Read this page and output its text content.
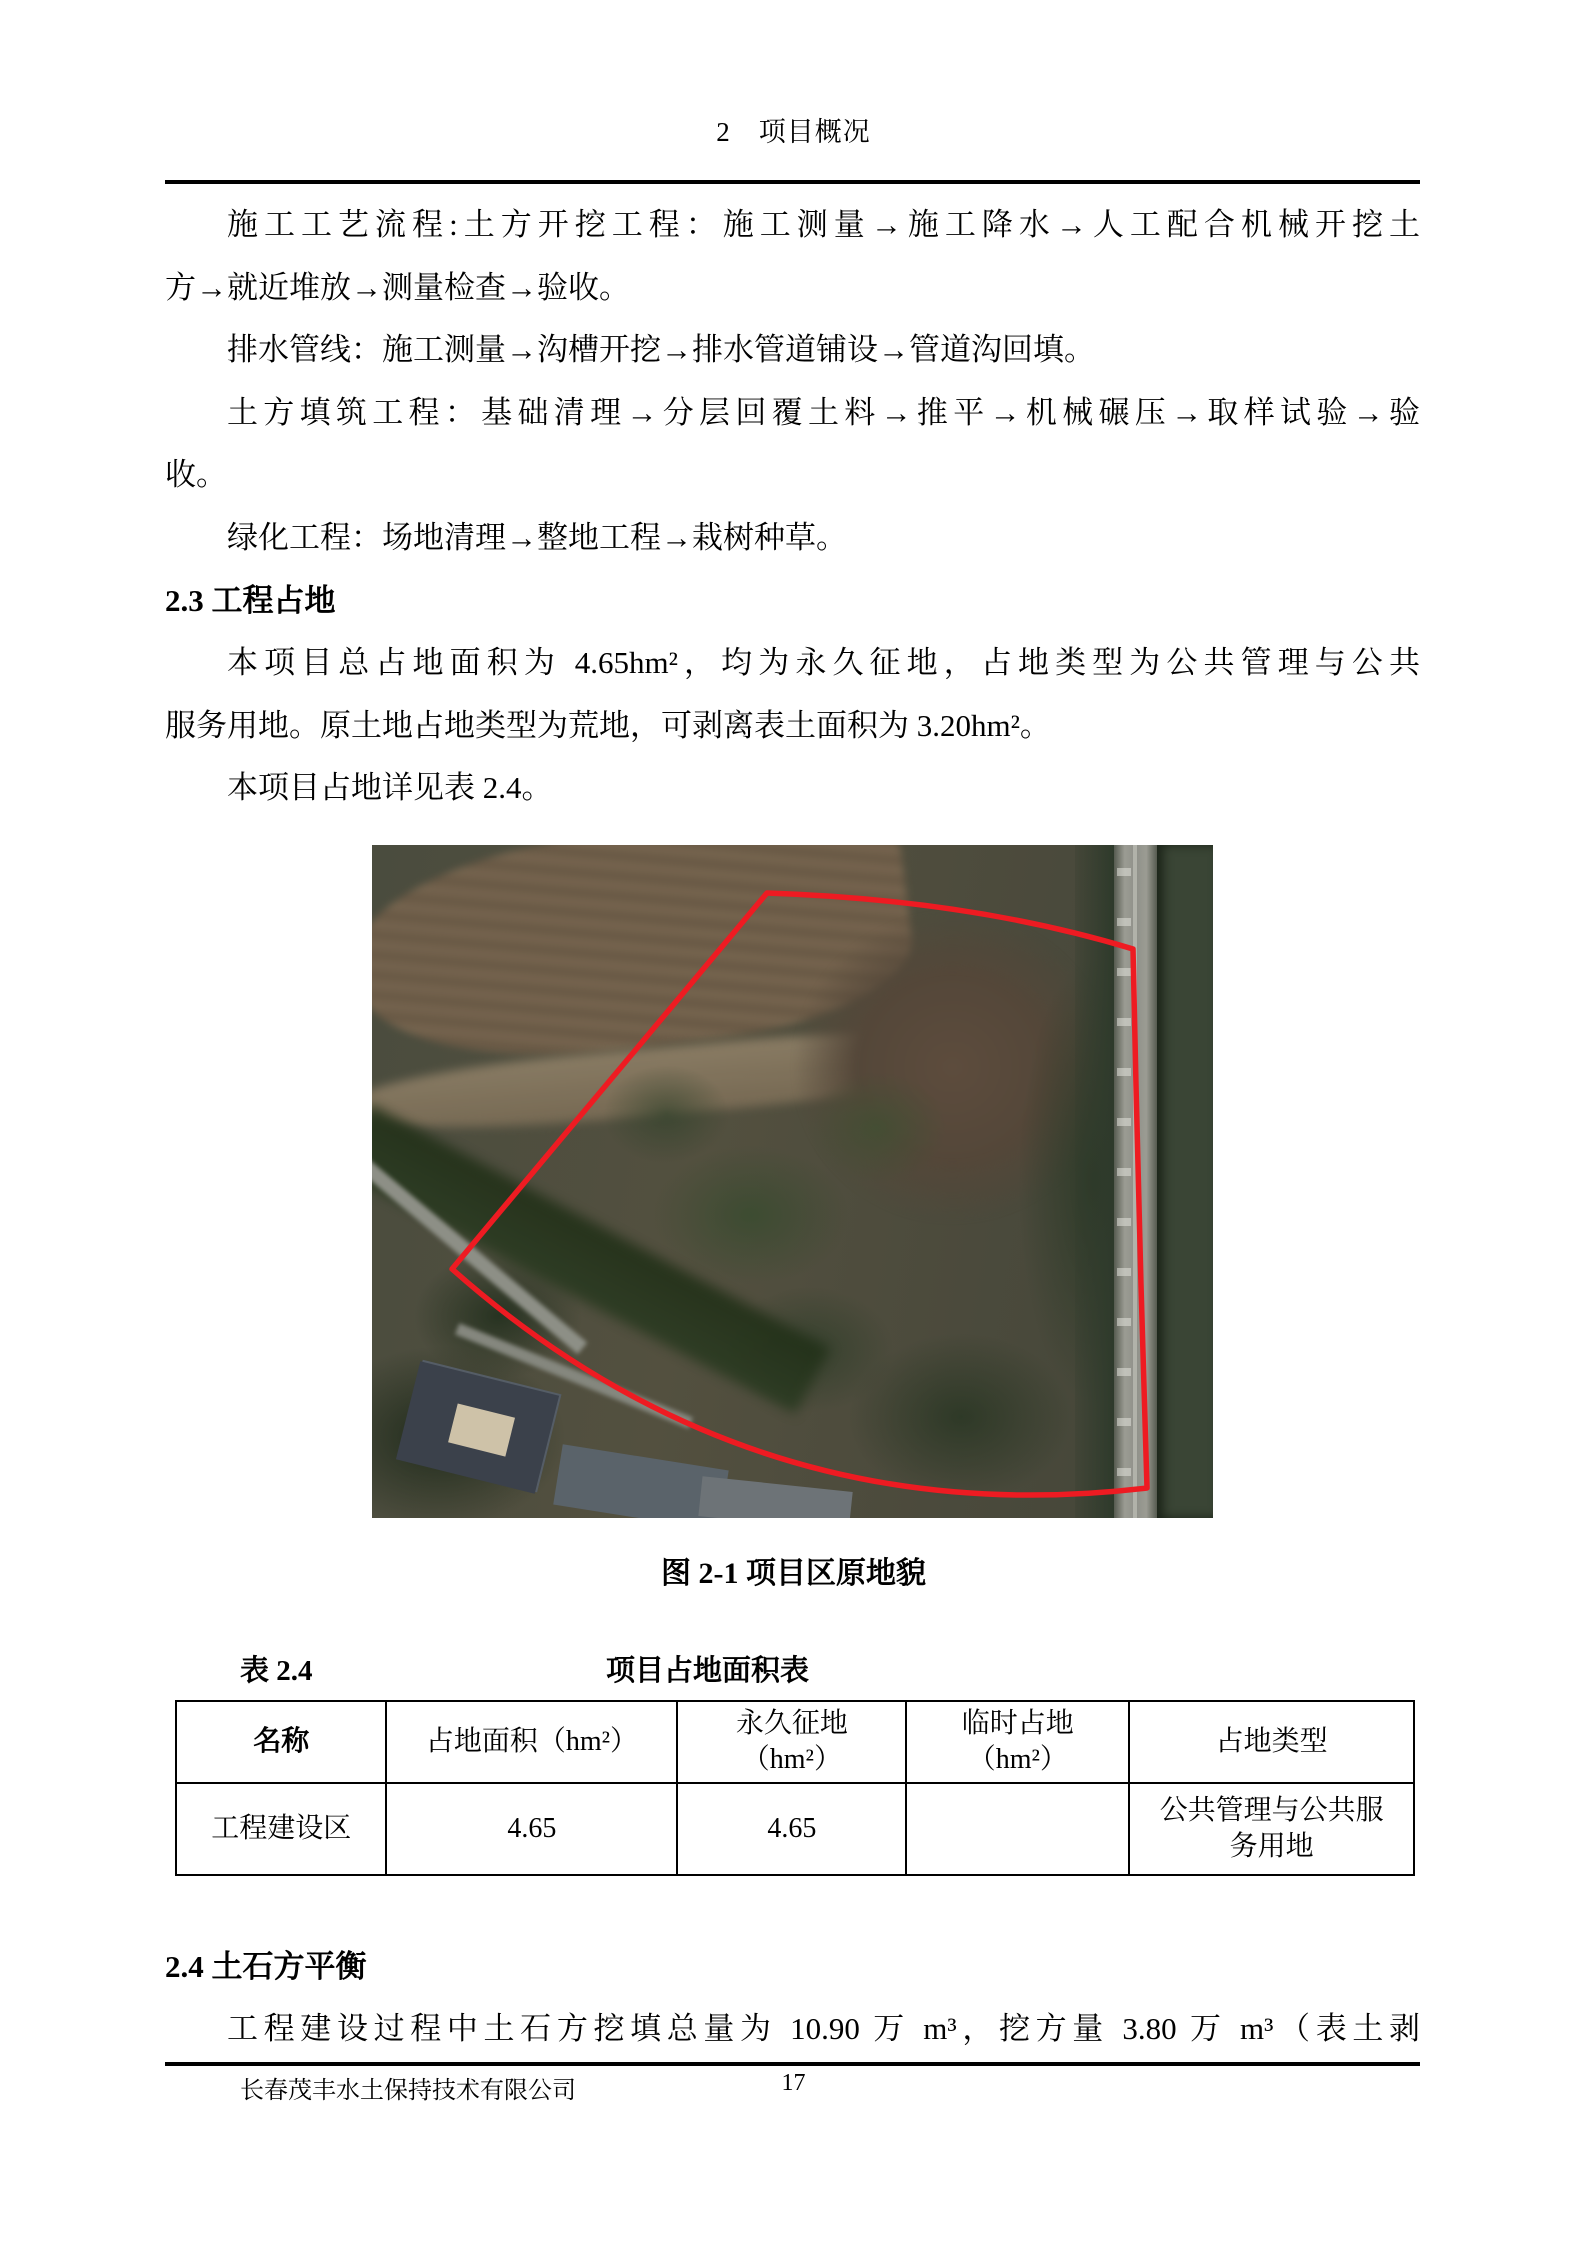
2　项目概况
施工工艺流程:土方开挖工程：施工测量→施工降水→人工配合机械开挖土
方→就近堆放→测量检查→验收。
排水管线：施工测量→沟槽开挖→排水管道铺设→管道沟回填。
土方填筑工程：基础清理→分层回覆土料→推平→机械碾压→取样试验→验
收。
绿化工程：场地清理→整地工程→栽树种草。
2.3 工程占地
本项目总占地面积为 4.65hm²，均为永久征地，占地类型为公共管理与公共
服务用地。原土地占地类型为荒地，可剥离表土面积为 3.20hm²。
本项目占地详见表 2.4。
图 2-1 项目区原地貌
表 2.4	项目占地面积表
名称	占地面积（hm²）	永久征地（hm²）	临时占地（hm²）	占地类型
工程建设区	4.65	4.65		公共管理与公共服务用地
2.4 土石方平衡
工程建设过程中土石方挖填总量为 10.90 万 m³，挖方量 3.80 万 m³（表土剥
长春茂丰水土保持技术有限公司	17
